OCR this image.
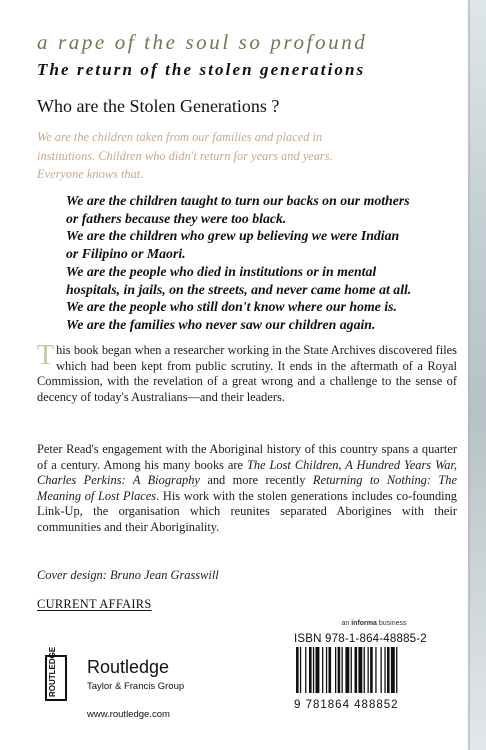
a rape of the soul so profound
The return of the stolen generations
Who are the Stolen Generations ?
We are the children taken from our families and placed in
institutions. Children who didn't return for years and years.
Everyone knows that.
We are the children taught to turn our backs on our mothers
or fathers because they were too black.
We are the children who grew up believing we were Indian
or Filipino or Maori.
We are the people who died in institutions or in mental
hospitals, in jails, on the streets, and never came home at all.
We are the people who still don't know where our home is.
We are the families who never saw our children again.
This book began when a researcher working in the State Archives discovered files which had been kept from public scrutiny. It ends in the aftermath of a Royal Commission, with the revelation of a great wrong and a challenge to the sense of decency of today's Australians—and their leaders.
Peter Read's engagement with the Aboriginal history of this country spans a quarter of a century. Among his many books are The Lost Children, A Hundred Years War, Charles Perkins: A Biography and more recently Returning to Nothing: The Meaning of Lost Places. His work with the stolen generations includes co-founding Link-Up, the organisation which reunites separated Aborigines with their communities and their Aboriginality.
Cover design: Bruno Jean Grasswill
CURRENT AFFAIRS
an informa business
ISBN 978-1-864-48885-2
9 781864 488852
ROUTLEDGE Routledge
Taylor & Francis Group
www.routledge.com
